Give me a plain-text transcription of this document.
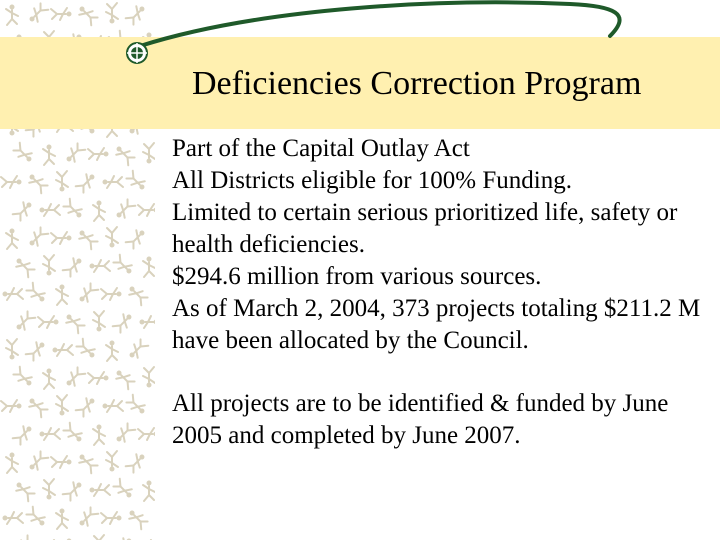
Deficiencies Correction Program
Part of the Capital Outlay Act
All Districts eligible for 100% Funding.
Limited to certain serious prioritized life, safety or health deficiencies.
$294.6 million from various sources.
As of March 2, 2004, 373 projects totaling $211.2 M have been allocated by the Council.
All projects are to be identified & funded by June 2005 and completed by June 2007.
